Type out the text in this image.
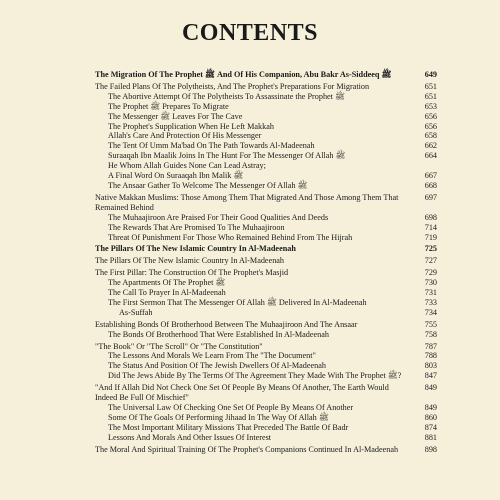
CONTENTS
The Migration Of The Prophet ﷺ And Of His Companion, Abu Bakr As-Siddeeq ﷺ	649
The Failed Plans Of The Polytheists, And The Prophet's Preparations For Migration	651
The Abortive Attempt Of The Polytheists To Assassinate the Prophet ﷺ	651
The Prophet ﷺ Prepares To Migrate	653
The Messenger ﷺ Leaves For The Cave	656
The Prophet's Supplication When He Left Makkah	656
Allah's Care And Protection Of His Messenger	658
The Tent Of Umm Ma'bad On The Path Towards Al-Madeenah	662
Suraaqah Ibn Maalik Joins In The Hunt For The Messenger Of Allah ﷺ	664
He Whom Allah Guides None Can Lead Astray;
A Final Word On Suraaqah Ibn Malik ﷺ	667
The Ansaar Gather To Welcome The Messenger Of Allah ﷺ	668
Native Makkan Muslims: Those Among Them That Migrated And Those Among Them That Remained Behind
697
The Muhaajiroon Are Praised For Their Good Qualities And Deeds	698
The Rewards That Are Promised To The Muhaajiroon	714
Threat Of Punishment For Those Who Remained Behind From The Hijrah	719
The Pillars Of The New Islamic Country In Al-Madeenah	725
The Pillars Of The New Islamic Country In Al-Madeenah	727
The First Pillar: The Construction Of The Prophet's Masjid	729
The Apartments Of The Prophet ﷺ	730
The Call To Prayer In Al-Madeenah	731
The First Sermon That The Messenger Of Allah ﷺ Delivered In Al-Madeenah	733
As-Suffah	734
Establishing Bonds Of Brotherhood Between The Muhaajiroon And The Ansaar	755
The Bonds Of Brotherhood That Were Established In Al-Madeenah	758
"The Book" Or "The Scroll" Or "The Constitution"	787
The Lessons And Morals We Learn From The "The Document"	788
The Status And Position Of The Jewish Dwellers Of Al-Madeenah	803
Did The Jews Abide By The Terms Of The Agreement They Made With The Prophet ﷺ?	847
"And If Allah Did Not Check One Set Of People By Means Of Another, The Earth Would Indeed Be Full Of Mischief"
849
The Universal Law Of Checking One Set Of People By Means Of Another	849
Some Of The Goals Of Performing Jihaad In The Way Of Allah ﷺ	860
The Most Important Military Missions That Preceded The Battle Of Badr	874
Lessons And Morals And Other Issues Of Interest	881
The Moral And Spiritual Training Of The Prophet's Companions Continued In Al-Madeenah	898
